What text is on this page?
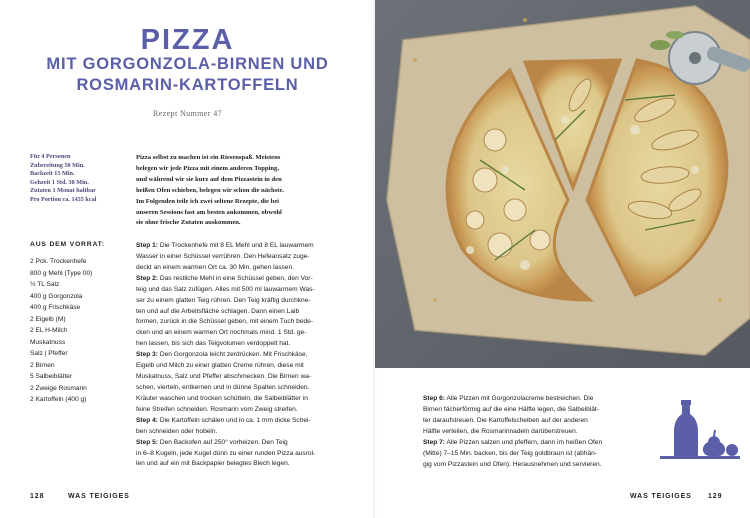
PIZZA
MIT GORGONZOLA-BIRNEN UND
ROSMARIN-KARTOFFELN
Rezept Nummer 47
Für 4 Personen
Zubereitung 50 Min.
Backzeit 15 Min.
Gehzeit 1 Std. 30 Min.
Zutaten 1 Monat haltbar
Pro Portion ca. 1435 kcal
Pizza selbst zu machen ist ein Riesenspaß. Meistens
belegen wir jede Pizza mit einem anderen Topping,
und während wir sie kurz auf dem Pizzastein in den
heißen Ofen schieben, belegen wir schon die nächste.
Im Folgenden teile ich zwei seltene Rezepte, die bei
unseren Sessions fast am besten ankommen, obwohl
sie ohne frische Zutaten auskommen.
AUS DEM VORRAT:
2 Pck. Trockenhefe
800 g Mehl (Type 00)
½ TL Salz
400 g Gorgonzola
400 g Frischkäse
2 Eigelb (M)
2 EL H-Milch
Muskatnuss
Salz | Pfeffer
2 Birnen
5 Salbeiblätter
2 Zweige Rosmarin
2 Kartoffeln (400 g)
Step 1: Die Trockenhefe mit 8 EL Mehl und 8 EL lauwarmem
Wasser in einer Schüssel verrühren. Den Hefeansatz zuge-
deckt an einem warmen Ort ca. 30 Min. gehen lassen.
Step 2: Das restliche Mehl in eine Schüssel geben, den Vor-
teig und das Salz zufügen. Alles mit 500 ml lauwarmem Was-
ser zu einem glatten Teig rühren. Den Teig kräftig durchkne-
ten und auf die Arbeitsfläche schlagen. Dann einen Laib
formen, zurück in die Schüssel geben, mit einem Tuch bede-
cken und an einem warmen Ort nochmals mind. 1 Std. ge-
hen lassen, bis sich das Teigvolumen verdoppelt hat.
Step 3: Den Gorgonzola leicht zerdrücken. Mit Frischkäse,
Eigelb und Milch zu einer glatten Creme rühren, diese mit
Muskatnuss, Salz und Pfeffer abschmecken. Die Birnen wa-
schen, vierteln, entkernen und in dünne Spalten schneiden.
Kräuter waschen und trocken schütteln, die Salbeiblätter in
feine Streifen schneiden. Rosmarin vom Zweig streifen.
Step 4: Die Kartoffeln schälen und in ca. 1 mm dicke Schei-
ben schneiden oder hobeln.
Step 5: Den Backofen auf 250° vorheizen. Den Teig
in 6–8 Kugeln, jede Kugel dünn zu einer runden Pizza ausrol-
len und auf ein mit Backpapier belegtes Blech legen.
128	WAS TEIGIGES
Step 6: Alle Pizzen mit Gorgonzolacreme bestreichen. Die
Birnen fächerförmig auf die eine Hälfte legen, die Salbeiblät-
ter daraufstreuen. Die Kartoffelscheiben auf der anderen
Hälfte verteilen, die Rosmarinnadeln darüberstreuen.
Step 7: Alle Pizzen salzen und pfeffern, dann im heißen Ofen
(Mitte) 7–15 Min. backen, bis der Teig goldbraun ist (abhän-
gig vom Pizzastein und Ofen). Herausnehmen und servieren.
WAS TEIGIGES 129
